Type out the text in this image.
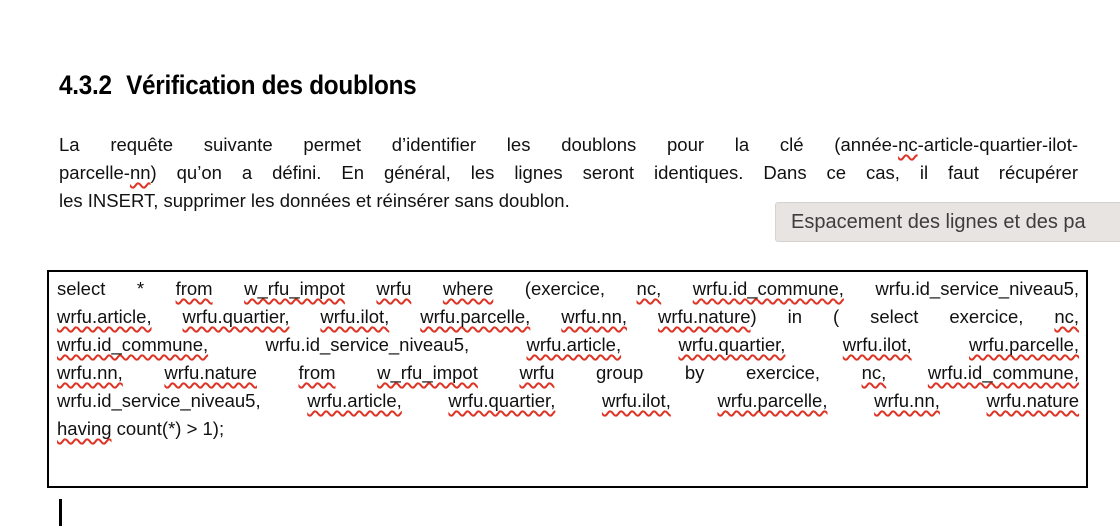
4.3.2 Vérification des doublons
La requête suivante permet d’identifier les doublons pour la clé (année-nc-article-quartier-ilot-
parcelle-nn) qu’on a défini. En général, les lignes seront identiques. Dans ce cas, il faut récupérer
les INSERT, supprimer les données et réinsérer sans doublon.
Espacement des lignes et des pa
select * from w_rfu_impot wrfu where (exercice, nc, wrfu.id_commune, wrfu.id_service_niveau5,
wrfu.article, wrfu.quartier, wrfu.ilot, wrfu.parcelle, wrfu.nn, wrfu.nature) in ( select exercice, nc,
wrfu.id_commune, wrfu.id_service_niveau5, wrfu.article,	wrfu.quartier,	wrfu.ilot,	wrfu.parcelle,
wrfu.nn, wrfu.nature from w_rfu_impot wrfu group by exercice, nc, wrfu.id_commune,
wrfu.id_service_niveau5, wrfu.article,	wrfu.quartier,	wrfu.ilot,	wrfu.parcelle,	wrfu.nn,	wrfu.nature
having count(*) > 1);
